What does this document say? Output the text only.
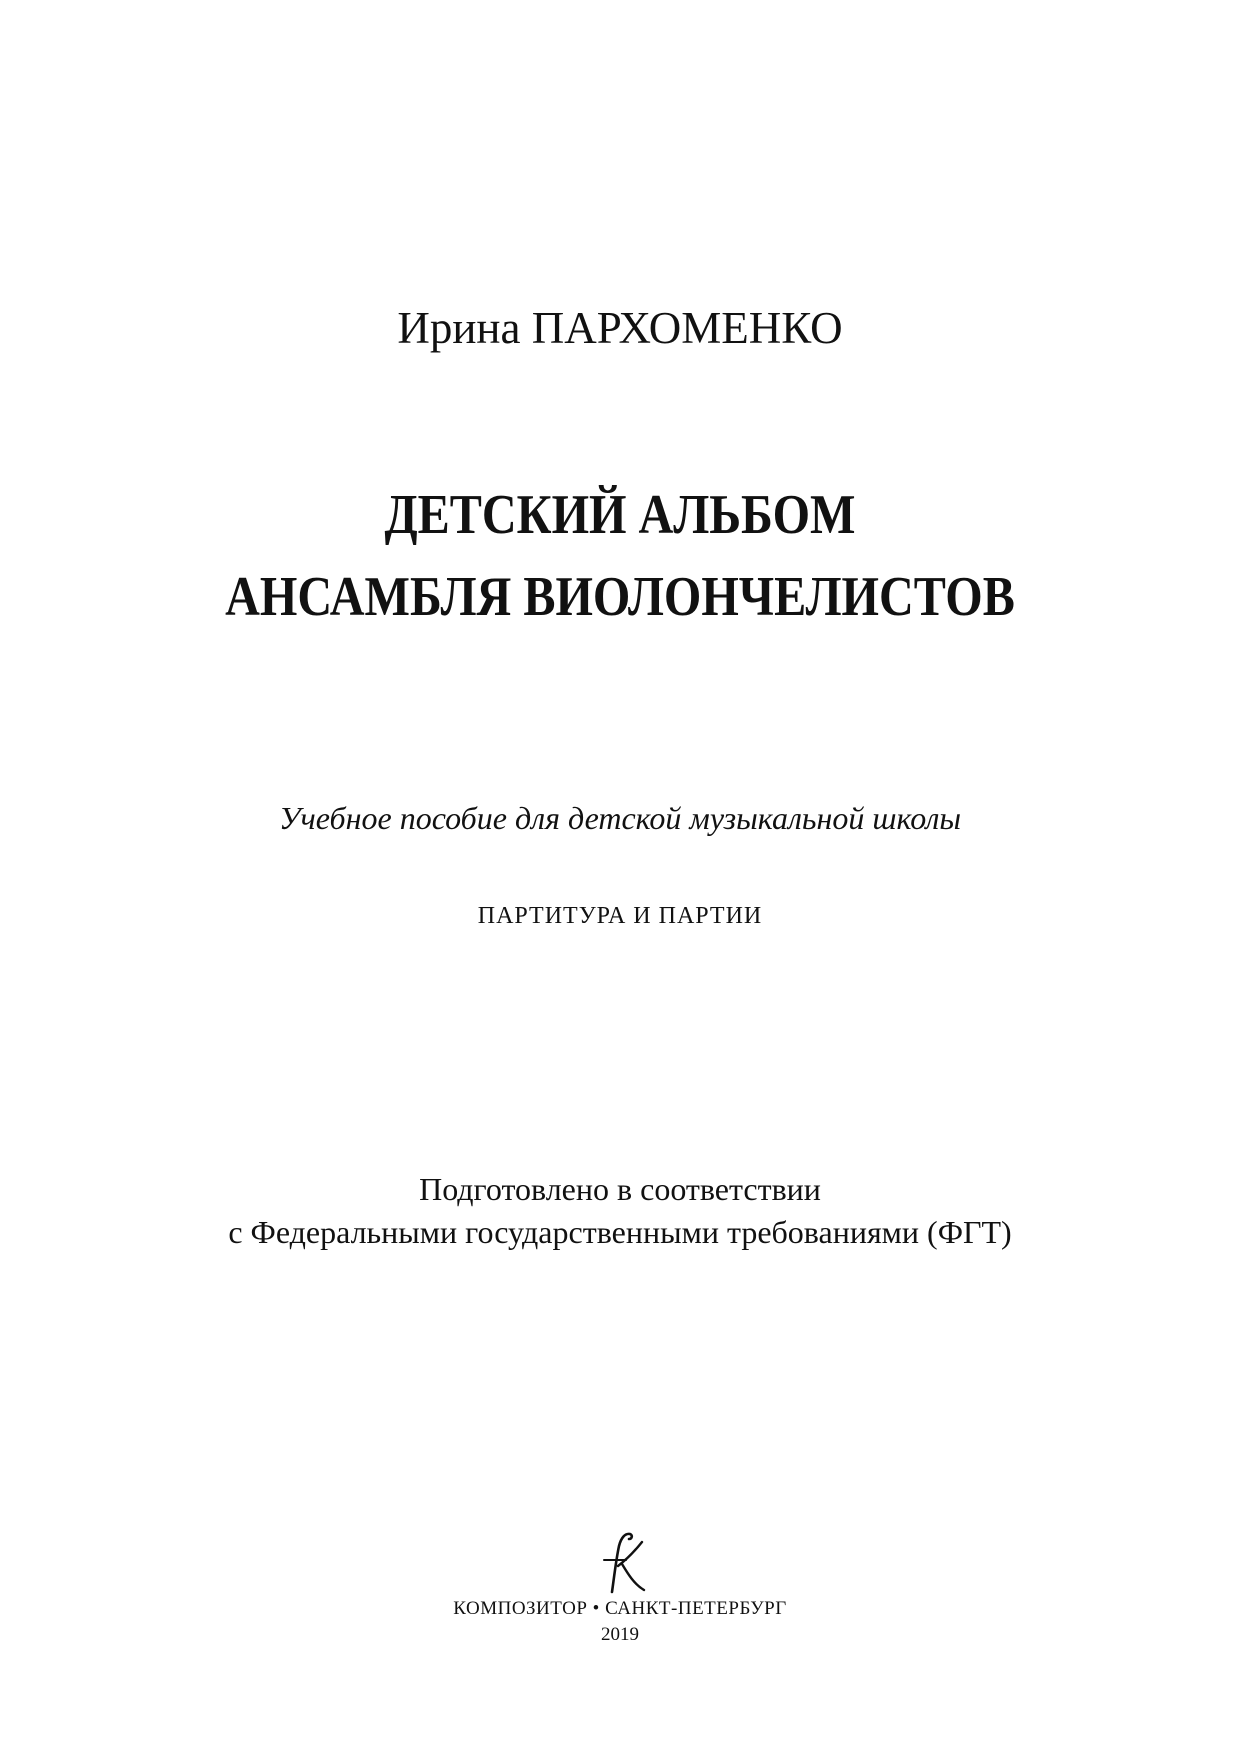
Ирина ПАРХОМЕНКО
ДЕТСКИЙ АЛЬБОМ
АНСАМБЛЯ ВИОЛОНЧЕЛИСТОВ
Учебное пособие для детской музыкальной школы
ПАРТИТУРА И ПАРТИИ
Подготовлено в соответствии
с Федеральными государственными требованиями (ФГТ)
КОМПОЗИТОР • САНКТ-ПЕТЕРБУРГ
2019
